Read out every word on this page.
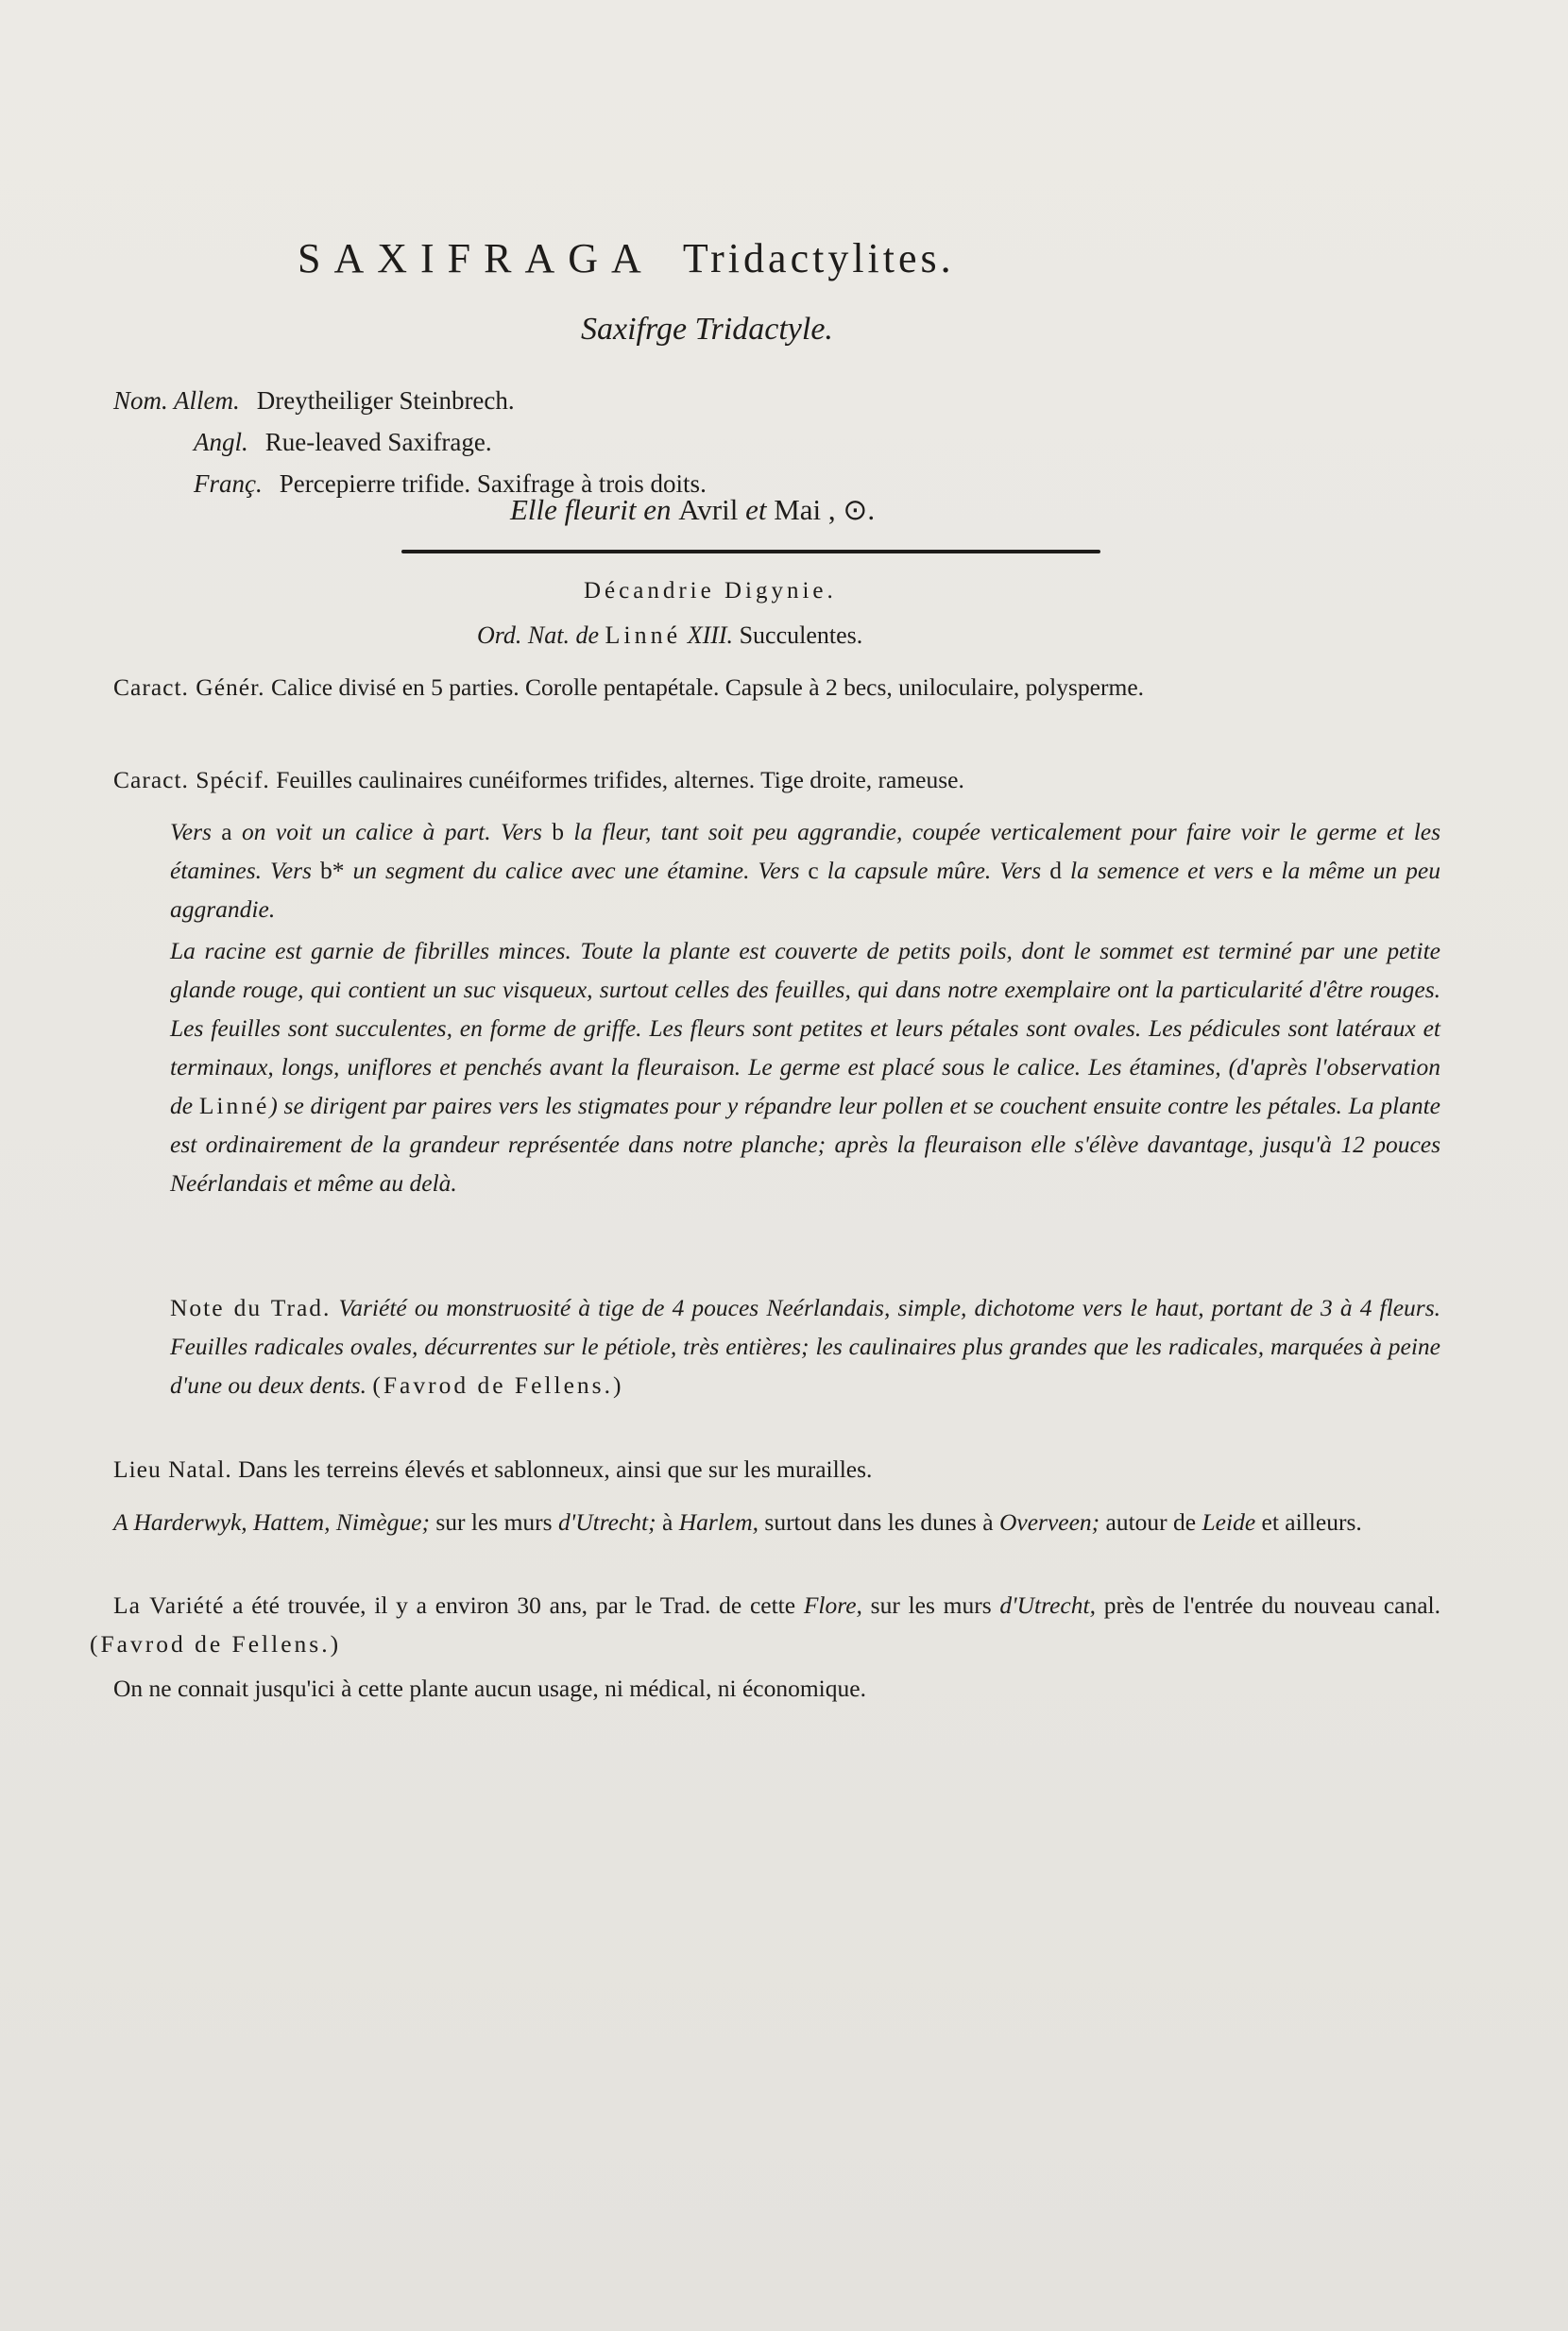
SAXIFRAGA Tridactylites.
Saxifrge Tridactyle.
Nom. Allem. Dreytheiliger Steinbrech.
Angl. Rue-leaved Saxifrage.
Franç. Percepierre trifide. Saxifrage à trois doits.
Elle fleurit en Avril et Mai , ⊙.
Décandrie Digynie.
Ord. Nat. de Linné XIII. Succulentes.
Caract. Génér. Calice divisé en 5 parties. Corolle pentapétale. Capsule à 2 becs, uniloculaire, polysperme.
Caract. Spécif. Feuilles caulinaires cunéiformes trifides, alternes. Tige droite, rameuse.
Vers a on voit un calice à part. Vers b la fleur, tant soit peu aggrandie, coupée verticalement pour faire voir le germe et les étamines. Vers b* un segment du calice avec une étamine. Vers c la capsule mûre. Vers d la semence et vers e la même un peu aggrandie.
La racine est garnie de fibrilles minces. Toute la plante est couverte de petits poils, dont le sommet est terminé par une petite glande rouge, qui contient un suc visqueux, surtout celles des feuilles, qui dans notre exemplaire ont la particularité d'être rouges. Les feuilles sont succulentes, en forme de griffe. Les fleurs sont petites et leurs pétales sont ovales. Les pédicules sont latéraux et terminaux, longs, uniflores et penchés avant la fleuraison. Le germe est placé sous le calice. Les étamines, (d'après l'observation de Linné) se dirigent par paires vers les stigmates pour y répandre leur pollen et se couchent ensuite contre les pétales. La plante est ordinairement de la grandeur représentée dans notre planche; après la fleuraison elle s'élève davantage, jusqu'à 12 pouces Neérlandais et même au delà.
Note du Trad. Variété ou monstruosité à tige de 4 pouces Neérlandais, simple, dichotome vers le haut, portant de 3 à 4 fleurs. Feuilles radicales ovales, décurrentes sur le pétiole, très entières; les caulinaires plus grandes que les radicales, marquées à peine d'une ou deux dents. (Favrod de Fellens.)
Lieu Natal. Dans les terreins élevés et sablonneux, ainsi que sur les murailles.
A Harderwyk, Hattem, Nimègue; sur les murs d'Utrecht; à Harlem, surtout dans les dunes à Overveen; autour de Leide et ailleurs.
La Variété a été trouvée, il y a environ 30 ans, par le Trad. de cette Flore, sur les murs d'Utrecht, près de l'entrée du nouveau canal. (Favrod de Fellens.)
On ne connait jusqu'ici à cette plante aucun usage, ni médical, ni économique.
